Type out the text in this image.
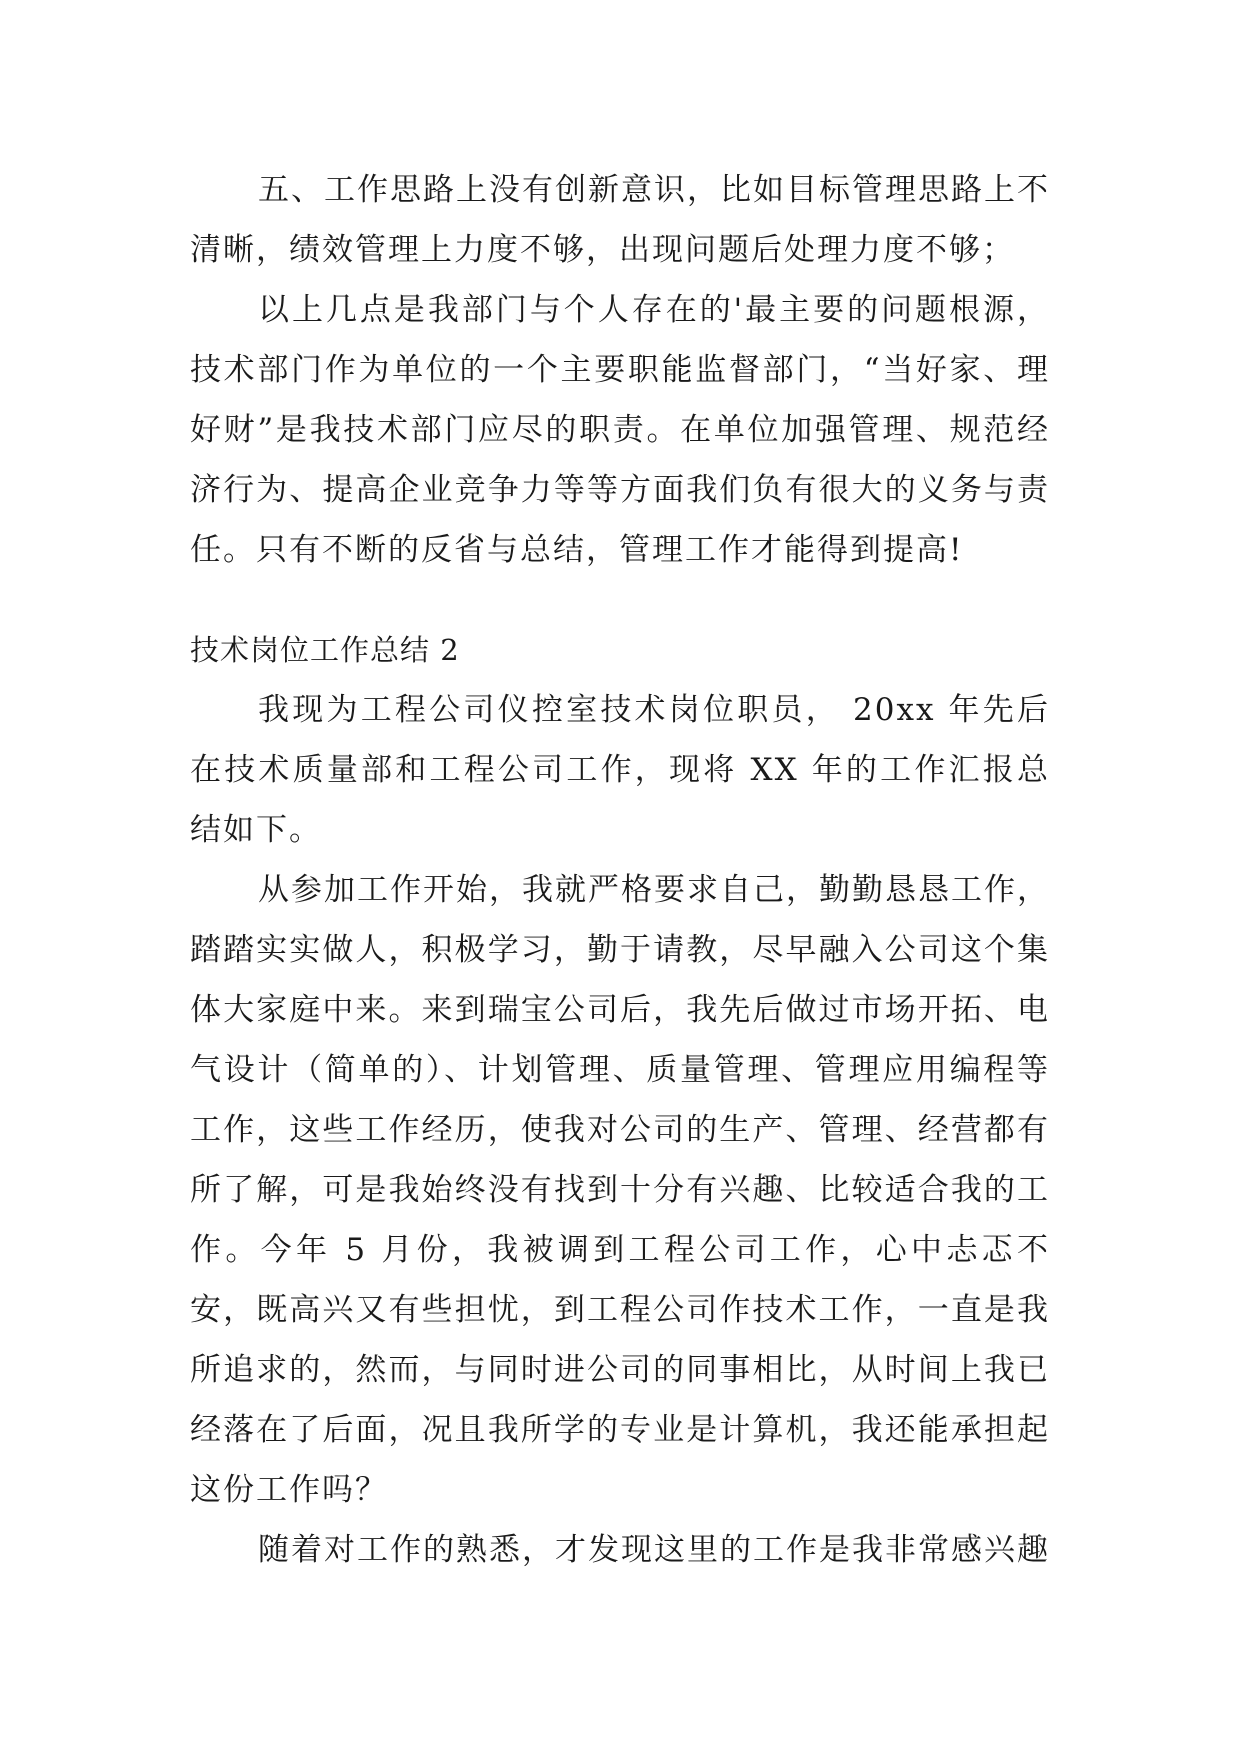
五、工作思路上没有创新意识，比如目标管理思路上不清晰，绩效管理上力度不够，出现问题后处理力度不够；

以上几点是我部门与个人存在的'最主要的问题根源，技术部门作为单位的一个主要职能监督部门，“当好家、理好财”是我技术部门应尽的职责。在单位加强管理、规范经济行为、提高企业竞争力等等方面我们负有很大的义务与责任。只有不断的反省与总结，管理工作才能得到提高!

技术岗位工作总结 2

我现为工程公司仪控室技术岗位职员， 20xx 年先后在技术质量部和工程公司工作，现将 XX 年的工作汇报总结如下。

从参加工作开始，我就严格要求自己，勤勤恳恳工作，踏踏实实做人，积极学习，勤于请教，尽早融入公司这个集体大家庭中来。来到瑞宝公司后，我先后做过市场开拓、电气设计（简单的）、计划管理、质量管理、管理应用编程等工作，这些工作经历，使我对公司的生产、管理、经营都有所了解，可是我始终没有找到十分有兴趣、比较适合我的工作。今年 5 月份，我被调到工程公司工作，心中忐忑不安，既高兴又有些担忧，到工程公司作技术工作，一直是我所追求的，然而，与同时进公司的同事相比，从时间上我已经落在了后面，况且我所学的专业是计算机，我还能承担起这份工作吗？

随着对工作的熟悉，才发现这里的工作是我非常感兴趣
